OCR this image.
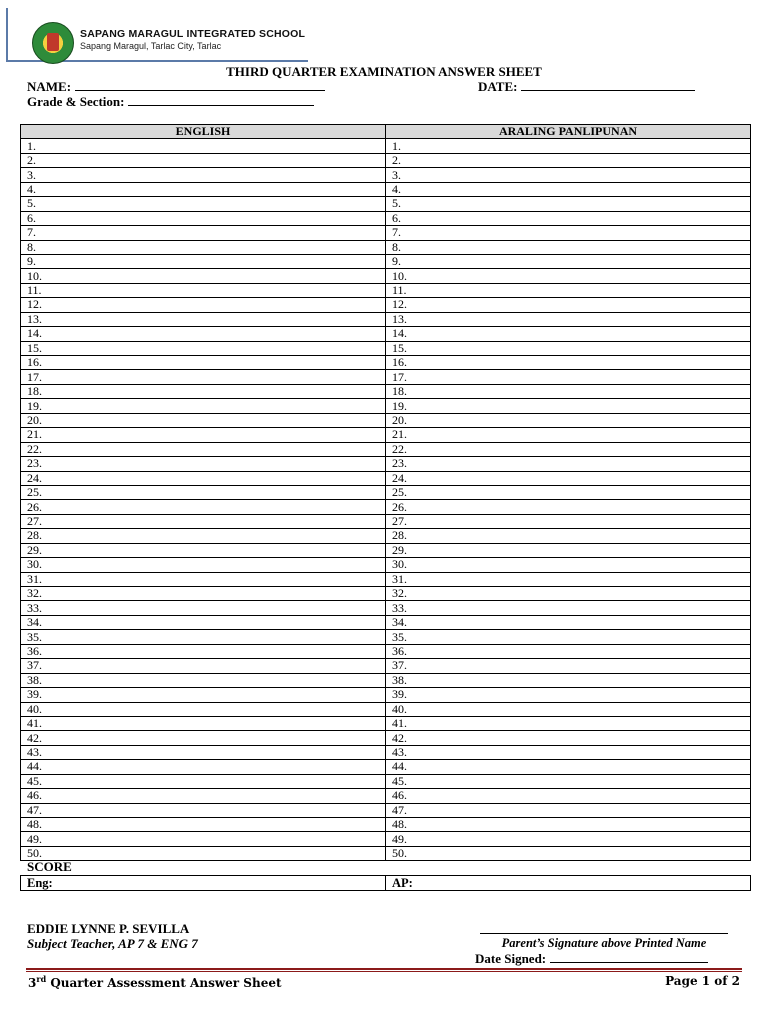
SAPANG MARAGUL INTEGRATED SCHOOL
Sapang Maragul, Tarlac City, Tarlac
THIRD QUARTER EXAMINATION ANSWER SHEET
NAME:	DATE:
Grade & Section:
ENGLISH	ARALING PANLIPUNAN
1.	1.
2.	2.
3.	3.
4.	4.
5.	5.
6.	6.
7.	7.
8.	8.
9.	9.
10.	10.
11.	11.
12.	12.
13.	13.
14.	14.
15.	15.
16.	16.
17.	17.
18.	18.
19.	19.
20.	20.
21.	21.
22.	22.
23.	23.
24.	24.
25.	25.
26.	26.
27.	27.
28.	28.
29.	29.
30.	30.
31.	31.
32.	32.
33.	33.
34.	34.
35.	35.
36.	36.
37.	37.
38.	38.
39.	39.
40.	40.
41.	41.
42.	42.
43.	43.
44.	44.
45.	45.
46.	46.
47.	47.
48.	48.
49.	49.
50.	50.
SCORE
Eng:	AP:
EDDIE LYNNE P. SEVILLA
Subject Teacher, AP 7 & ENG 7	Parent’s Signature above Printed Name
Date Signed:
3rd Quarter Assessment Answer Sheet	Page 1 of 2
